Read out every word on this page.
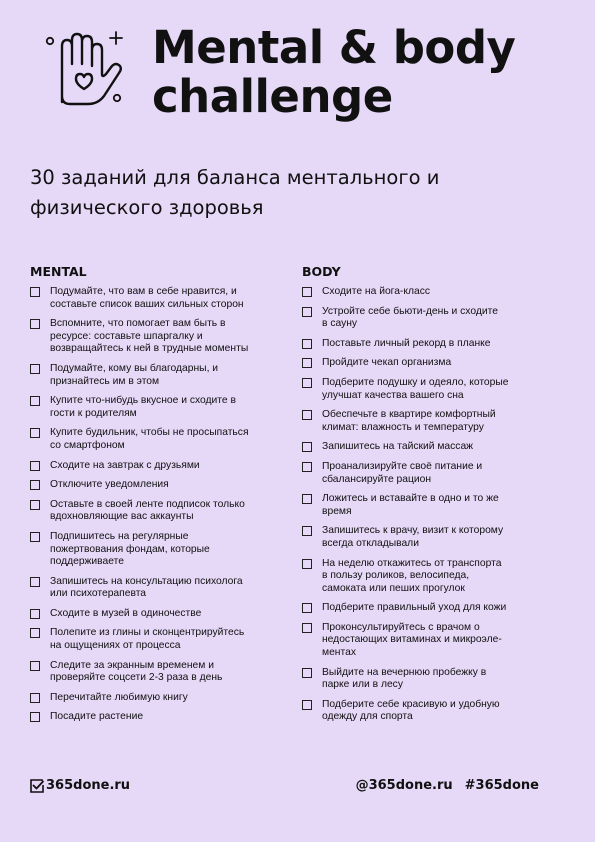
Mental & body
challenge

30 заданий для баланса ментального и
физического здоровья

MENTAL
Подумайте, что вам в себе нравится, и
составьте список ваших сильных сторон
Вспомните, что помогает вам быть в
ресурсе: составьте шпаргалку и
возвращайтесь к ней в трудные моменты
Подумайте, кому вы благодарны, и
признайтесь им в этом
Купите что-нибудь вкусное и сходите в
гости к родителям
Купите будильник, чтобы не просыпаться
со смартфоном
Сходите на завтрак с друзьями
Отключите уведомления
Оставьте в своей ленте подписок только
вдохновляющие вас аккаунты
Подпишитесь на регулярные
пожертвования фондам, которые
поддерживаете
Запишитесь на консультацию психолога
или психотерапевта
Сходите в музей в одиночестве
Полепите из глины и сконцентрируйтесь
на ощущениях от процесса
Следите за экранным временем и
проверяйте соцсети 2-3 раза в день
Перечитайте любимую книгу
Посадите растение
BODY
Сходите на йога-класс
Устройте себе бьюти-день и сходите
в сауну
Поставьте личный рекорд в планке
Пройдите чекап организма
Подберите подушку и одеяло, которые
улучшат качества вашего сна
Обеспечьте в квартире комфортный
климат: влажность и температуру
Запишитесь на тайский массаж
Проанализируйте своё питание и
сбалансируйте рацион
Ложитесь и вставайте в одно и то же
время
Запишитесь к врачу, визит к которому
всегда откладывали
На неделю откажитесь от транспорта
в пользу роликов, велосипеда,
самоката или пеших прогулок
Подберите правильный уход для кожи
Проконсультируйтесь с врачом о
недостающих витаминах и микроэле-
ментах
Выйдите на вечернюю пробежку в
парке или в лесу
Подберите себе красивую и удобную
одежду для спорта
365done.ru	@365done.ru #365done
